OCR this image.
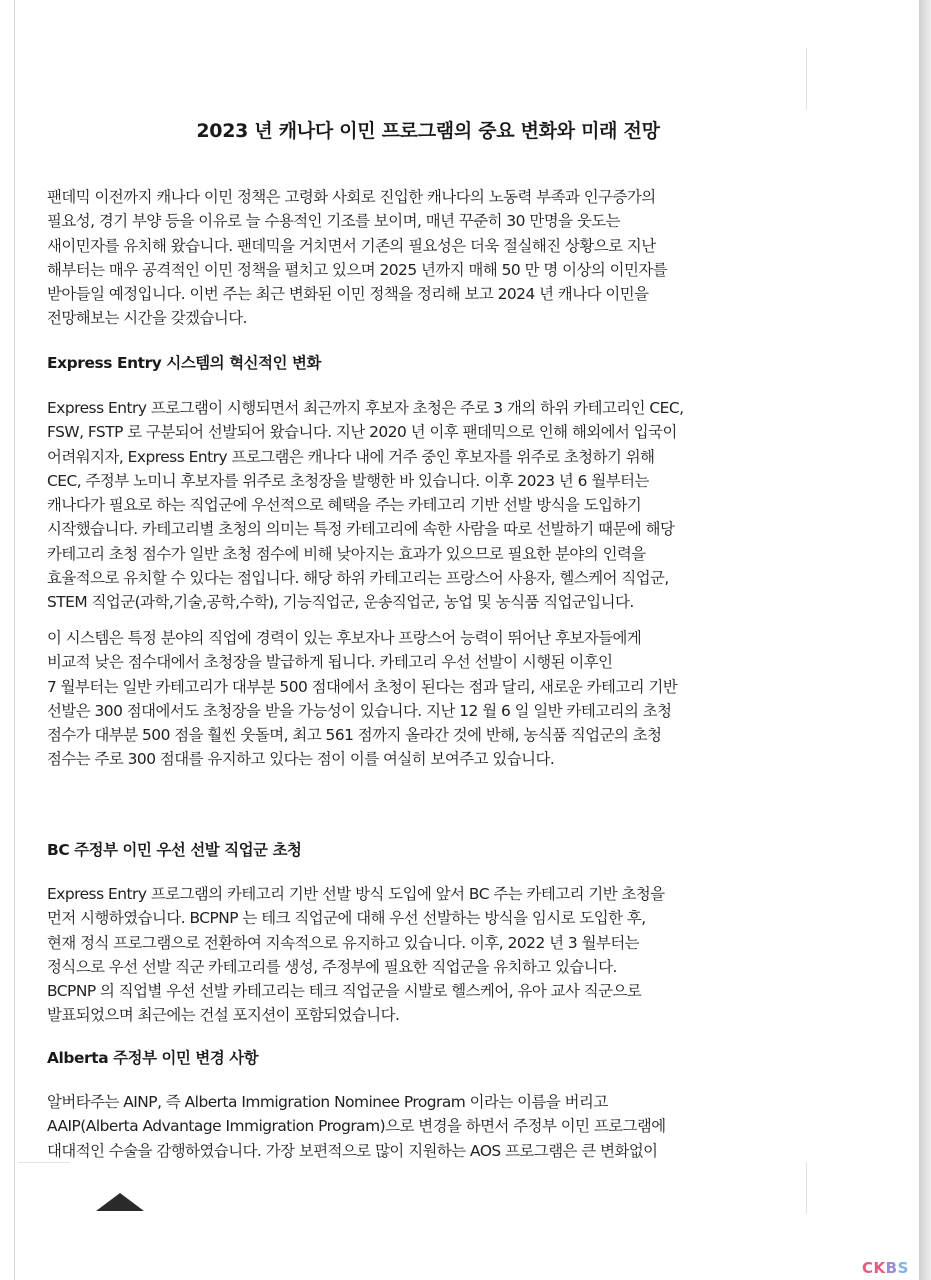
2023 년 캐나다 이민 프로그램의 중요 변화와 미래 전망

팬데믹 이전까지 캐나다 이민 정책은 고령화 사회로 진입한 캐나다의 노동력 부족과 인구증가의
필요성, 경기 부양 등을 이유로 늘 수용적인 기조를 보이며, 매년 꾸준히 30 만명을 웃도는
새이민자를 유치해 왔습니다. 팬데믹을 거치면서 기존의 필요성은 더욱 절실해진 상황으로 지난
해부터는 매우 공격적인 이민 정책을 펼치고 있으며 2025 년까지 매해 50 만 명 이상의 이민자를
받아들일 예정입니다. 이번 주는 최근 변화된 이민 정책을 정리해 보고 2024 년 캐나다 이민을
전망해보는 시간을 갖겠습니다.

Express Entry 시스템의 혁신적인 변화

Express Entry 프로그램이 시행되면서 최근까지 후보자 초청은 주로 3 개의 하위 카테고리인 CEC,
FSW, FSTP 로 구분되어 선발되어 왔습니다. 지난 2020 년 이후 팬데믹으로 인해 해외에서 입국이
어려워지자, Express Entry 프로그램은 캐나다 내에 거주 중인 후보자를 위주로 초청하기 위해
CEC, 주정부 노미니 후보자를 위주로 초청장을 발행한 바 있습니다. 이후 2023 년 6 월부터는
캐나다가 필요로 하는 직업군에 우선적으로 혜택을 주는 카테고리 기반 선발 방식을 도입하기
시작했습니다. 카테고리별 초청의 의미는 특정 카테고리에 속한 사람을 따로 선발하기 때문에 해당
카테고리 초청 점수가 일반 초청 점수에 비해 낮아지는 효과가 있으므로 필요한 분야의 인력을
효율적으로 유치할 수 있다는 점입니다. 해당 하위 카테고리는 프랑스어 사용자, 헬스케어 직업군,
STEM 직업군(과학,기술,공학,수학), 기능직업군, 운송직업군, 농업 및 농식품 직업군입니다.

이 시스템은 특정 분야의 직업에 경력이 있는 후보자나 프랑스어 능력이 뛰어난 후보자들에게
비교적 낮은 점수대에서 초청장을 발급하게 됩니다. 카테고리 우선 선발이 시행된 이후인
7 월부터는 일반 카테고리가 대부분 500 점대에서 초청이 된다는 점과 달리, 새로운 카테고리 기반
선발은 300 점대에서도 초청장을 받을 가능성이 있습니다. 지난 12 월 6 일 일반 카테고리의 초청
점수가 대부분 500 점을 훨씬 웃돌며, 최고 561 점까지 올라간 것에 반해, 농식품 직업군의 초청
점수는 주로 300 점대를 유지하고 있다는 점이 이를 여실히 보여주고 있습니다.

BC 주정부 이민 우선 선발 직업군 초청

Express Entry 프로그램의 카테고리 기반 선발 방식 도입에 앞서 BC 주는 카테고리 기반 초청을
먼저 시행하였습니다. BCPNP 는 테크 직업군에 대해 우선 선발하는 방식을 임시로 도입한 후,
현재 정식 프로그램으로 전환하여 지속적으로 유지하고 있습니다. 이후, 2022 년 3 월부터는
정식으로 우선 선발 직군 카테고리를 생성, 주정부에 필요한 직업군을 유치하고 있습니다.
BCPNP 의 직업별 우선 선발 카테고리는 테크 직업군을 시발로 헬스케어, 유아 교사 직군으로
발표되었으며 최근에는 건설 포지션이 포함되었습니다.

Alberta 주정부 이민 변경 사항

알버타주는 AINP, 즉 Alberta Immigration Nominee Program 이라는 이름을 버리고
AAIP(Alberta Advantage Immigration Program)으로 변경을 하면서 주정부 이민 프로그램에
대대적인 수술을 감행하였습니다. 가장 보편적으로 많이 지원하는 AOS 프로그램은 큰 변화없이

CKBS
